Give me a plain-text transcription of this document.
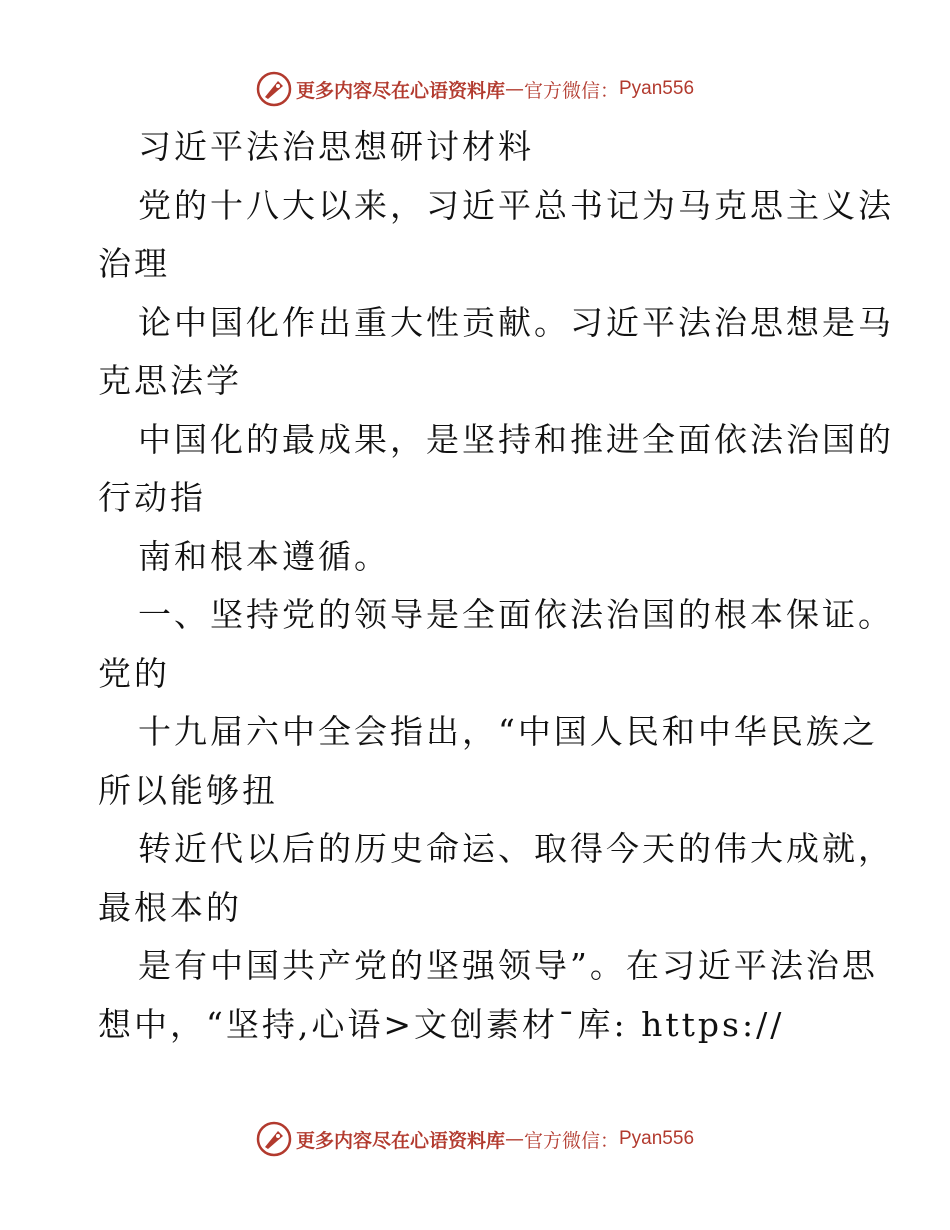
更多内容尽在心语资料库 — 官方微信： Pyan556
习近平法治思想研讨材料
党的十八大以来，习近平总书记为马克思主义法
治理
论中国化作出重大性贡献。习近平法治思想是马
克思法学
中国化的最成果，是坚持和推进全面依法治国的
行动指
南和根本遵循。
一、坚持党的领导是全面依法治国的根本保证。
党的
十九届六中全会指出，“中国人民和中华民族之
所以能够扭
转近代以后的历史命运、取得今天的伟大成就，
最根本的
是有中国共产党的坚强领导”。在习近平法治思
想中，“坚持,心语>文创素材¯库: https://
更多内容尽在心语资料库 — 官方微信： Pyan556
